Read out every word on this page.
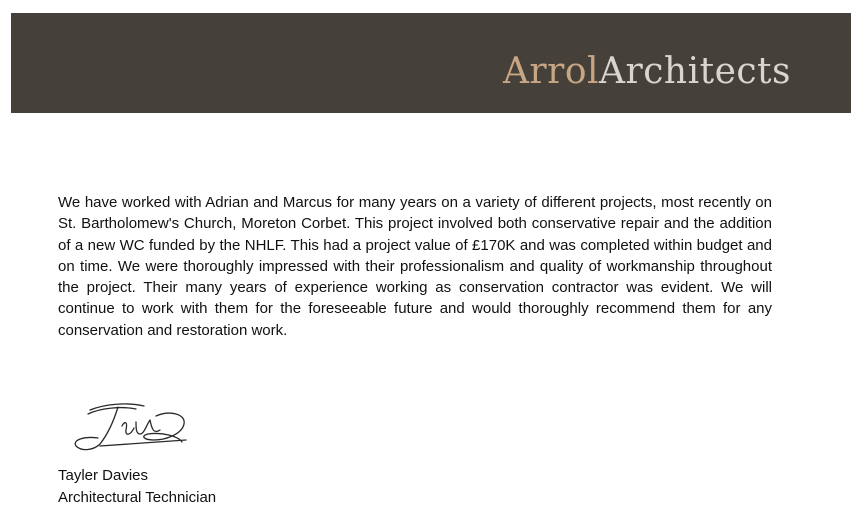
ArrolArchitects

We have worked with Adrian and Marcus for many years on a variety of different projects, most recently on St. Bartholomew's Church, Moreton Corbet. This project involved both conservative repair and the addition of a new WC funded by the NHLF. This had a project value of £170K and was completed within budget and on time. We were thoroughly impressed with their professionalism and quality of workmanship throughout the project. Their many years of experience working as conservation contractor was evident. We will continue to work with them for the foreseeable future and would thoroughly recommend them for any conservation and restoration work.

Tayler Davies
Architectural Technician
